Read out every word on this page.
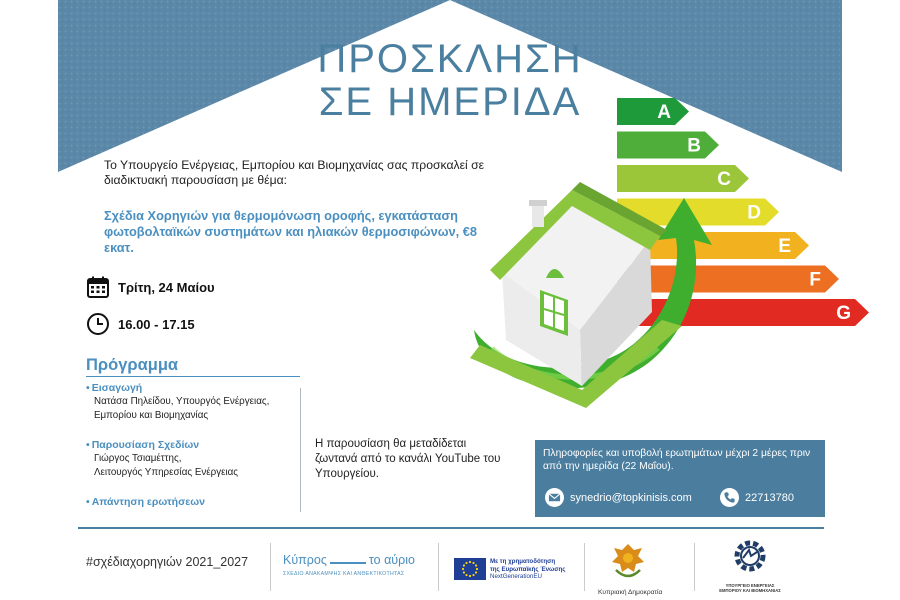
ΠΡΟΣΚΛΗΣΗ
ΣΕ ΗΜΕΡΙΔΑ
Το Υπουργείο Ενέργειας, Εμπορίου και Βιομηχανίας σας προσκαλεί σε διαδικτυακή παρουσίαση με θέμα:
Σχέδια Χορηγιών για θερμομόνωση οροφής, εγκατάσταση φωτοβολταϊκών συστημάτων και ηλιακών θερμοσιφώνων, €8 εκατ.
Τρίτη, 24 Μαίου
16.00 - 17.15
Πρόγραμμα
• Εισαγωγή
Νατάσα Πηλείδου, Υπουργός Ενέργειας,
Εμπορίου και Βιομηχανίας
• Παρουσίαση Σχεδίων
Γιώργος Τσιαμέττης,
Λειτουργός Υπηρεσίας Ενέργειας
• Απάντηση ερωτήσεων
Η παρουσίαση θα μεταδίδεται ζωντανά από το κανάλι YouTube του Υπουργείου.
Πληροφορίες και υποβολή ερωτημάτων μέχρι 2 μέρες πριν από την ημερίδα (22 Μαΐου).
synedrio@topkinisis.com	22713780
A
B
C
D
E
F
G
#σχέδιαχορηγιών 2021_2027	Κύπρος	το αύριο
ΣΧΕΔΙΟ ΑΝΑΚΑΜΨΗΣ ΚΑΙ ΑΝΘΕΚΤΙΚΟΤΗΤΑΣ
Με τη χρηματοδότηση
της Ευρωπαϊκής Ένωσης
NextGenerationEU
Κυπριακή Δημοκρατία
ΥΠΟΥΡΓΕΙΟ ΕΝΕΡΓΕΙΑΣ
ΕΜΠΟΡΙΟΥ ΚΑΙ ΒΙΟΜΗΧΑΝΙΑΣ
